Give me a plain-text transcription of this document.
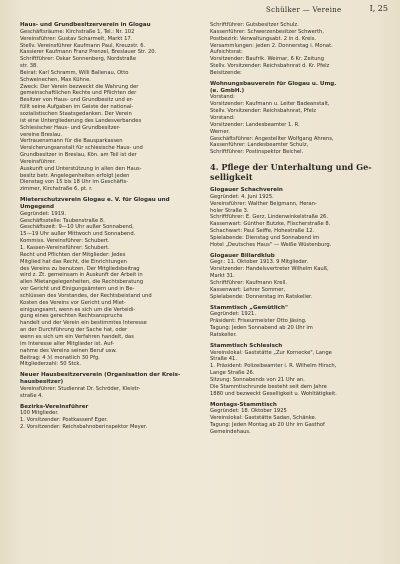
Schülker — Vereine	I, 25

Haus- und Grundbesitzerverein in Glogau

Geschäftsräume: Kirchstraße 1, Tel.: Nr. 102

Vereinsführer: Gustav Scharmelt, Markt 17.

Stellv. Vereinsführer Kaufmann Paul, Kreuzstr. 6.

Kassierer Kaufmann Franz Prenzel, Breslauer Str. 20.

Schriftführer: Oskar Sonnenberg, Nordstraße

str. 38.

Beirat: Karl Schramm, Willi Ballenau, Otto

Schweinechen, Max Kühne.

Zweck: Der Verein bezweckt die Wahrung der

gemeinschaftlichen Rechte und Pflichten der

Besitzer von Haus- und Grundbesitz und er-

füllt seine Aufgaben im Geiste der national-

sozialistischen Staatsgedanken. Der Verein

ist eine Untergliederung des Landesverbandes

Schlesischer Haus- und Grundbesitzer-

vereine Breslau.

Vertrauensmann für die Bausparkassen

Versicherungsanstalt für schlesische Haus- und

Grundbesitzer in Breslau, Kön. am Teil ist der

Vereinsführer.

Auskunft und Unterstützung in allen den Haus-

besitz betr. Angelegenheiten erfolgt jeden

Dienstag von 15 bis 18 Uhr im Geschäfts-

zimmer, Kirchstraße 6, pt. r.

Mieterschutzverein Glogau e. V. für Glogau und

Umgegend

Gegründet: 1919.

Geschäftsstelle: Taubenstraße 8.

Geschäftszeit: 9—10 Uhr außer Sonnabend,

15—19 Uhr außer Mittwoch und Sonnabend.

Kommiss. Vereinsführer: Schubert.

1. Kassen-Vereinsführer: Schubert.

Recht und Pflichten der Mitglieder: Jedes

Mitglied hat das Recht, die Einrichtungen

des Vereins zu benutzen. Der Mitgliedsbeitrag

wird z. Zt. gemeinsam in Auskunft der Arbeit in

allen Mietangelegenheiten, die Rechtsberatung

vor Gericht und Einigungsämtern und in Be-

schlüssen des Vorstandes, der Rechtsbeistand und

Kosten des Vereins vor Gericht und Miet-

einigungsamt, wenn es sich um die Verteidi-

gung eines gerechten Rechtsanspruchs

handelt und der Verein ein bestimmtes Interesse

an der Durchführung der Sache hat, oder

wenn es sich um ein Verfahren handelt, das

im Interesse aller Mitglieder ist. Auf-

nahme des Vereins seinen Beruf usw.

Beitrag: 4 ℳ monatlich 30 Pfg.

Mitgliederzahl: 50 Stck.

Neuer Hausbesitzerverein (Organisation der Kreis-

hausbesitzer)

Vereinsführer: Studienrat Dr. Schröder, Kleistr-

straße 4.

Bezirks-Vereinsführer

100 Mitglieder.

1. Vorsitzender: Postkassenf Eger.

2. Vorsitzender: Reichsbahnoberinspektor Meyer.

Schriftführer: Gutsbesitzer Schulz.

Kassenführer: Schwerzenbesitzer Schwerth,

Postbezirk: Verwaltungsabt. 2 in d. Kreis.

Versammlungen: jeden 2. Donnerstag i. Monat.

Aufsichtsrat:

Vorsitzender: Baufrik. Weimar, 6 Kr. Zeitung

Stellv. Vorsitzender: Reichsbahnrat d. Kr. Pfelz

Beisitzende:

Wohnungsbauverein für Glogau u. Umg.

(e. GmbH.)

Vorstand:

Vorsitzender: Kaufmann u. Leiter Badeanstalt,

Stellv. Vorsitzender: Reichsbahnrat, Pfelz

Vorstand:

Vorsitzender: Landesbeamter 1. R.

Werner.

Geschäftsführer: Angestellter Wolfgang Ahrens,

Kassenführer: Landesbeamter Schulz,

Schriftführer: Postinspektor Beichel.

4. Pflege der Unterhaltung und Ge-

selligkeit

Glogauer Schachverein

Gegründet: 4. Juni 1925.

Vereinsführer: Walther Beigmann, Heran-

holer Straße 3.

Schriftführer: E. Gerz, Lindenwinkelstraße 26.

Kassenwart: Günther Butzke, Flischerstraße 8.

Schachwart: Paul Seiffe, Hohestraße 12.

Spielabende: Dienstag und Sonnabend im

Hotel „Deutsches Haus" — Weiße Wüstenburg.

Glogauer Billardklub

Gegr.: 11. Oktober 1913. 9 Mitglieder.

Vorsitzender: Handelsvertreter Wilhelm Kauß,

Markt 31.

Schriftführer: Kaufmann Krell.

Kassenwart: Lehrer Sommer,

Spielabende: Donnerstag im Ratskeller.

Stammtisch „Gemütlich"

Gegründet: 1921.

Präsident: Friseurmeister Otto Jäsing.

Tagung: Jeden Sonnabend ab 20 Uhr im

Ratskeller.

Stammtisch Schlesisch

Vereinslokal: Gaststätte „Zur Kornecke", Lange

Straße 41.

1. Präsident: Polizeibeamter i. R. Wilhelm Hirsch,

Lange Straße 26.

Sitzung: Sonnabends von 21 Uhr an.

Die Stammtischrunde besteht seit dem Jahre

1880 und bezweckt Geselligkeit u. Wohltätigkeit.

Montags-Stammtisch

Gegründet: 18. Oktober 1925

Vereinslokal: Gaststätte Sadan, Schänke.

Tagung: Jeden Montag ab 20 Uhr im Gasthof

Gemeindehaus.
